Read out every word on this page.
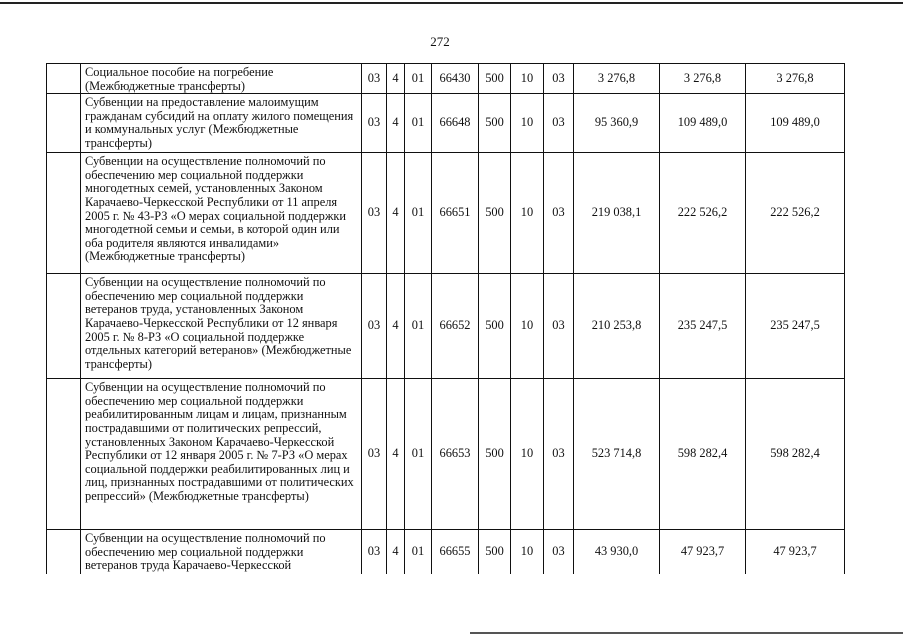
272
	Социальное пособие на погребение (Межбюджетные трансферты)	03	4	01	66430	500	10	03	3 276,8	3 276,8	3 276,8
	Субвенции на предоставление малоимущим гражданам субсидий на оплату жилого помещения и коммунальных услуг (Межбюджетные трансферты)	03	4	01	66648	500	10	03	95 360,9	109 489,0	109 489,0
	Субвенции на осуществление полномочий по обеспечению мер социальной поддержки многодетных семей, установленных Законом Карачаево-Черкесской Республики от 11 апреля 2005 г. № 43-РЗ «О мерах социальной поддержки многодетной семьи и семьи, в которой один или оба родителя являются инвалидами» (Межбюджетные трансферты)	03	4	01	66651	500	10	03	219 038,1	222 526,2	222 526,2
	Субвенции на осуществление полномочий по обеспечению мер социальной поддержки ветеранов труда, установленных Законом Карачаево-Черкесской Республики от 12 января 2005 г. № 8-РЗ «О социальной поддержке отдельных категорий ветеранов» (Межбюджетные трансферты)	03	4	01	66652	500	10	03	210 253,8	235 247,5	235 247,5
	Субвенции на осуществление полномочий по обеспечению мер социальной поддержки реабилитированным лицам и лицам, признанным пострадавшими от политических репрессий, установленных Законом Карачаево-Черкесской Республики от 12 января 2005 г. № 7-РЗ «О мерах социальной поддержки реабилитированных лиц и лиц, признанных пострадавшими от политических репрессий» (Межбюджетные трансферты)	03	4	01	66653	500	10	03	523 714,8	598 282,4	598 282,4
	Субвенции на осуществление полномочий по обеспечению мер социальной поддержки ветеранов труда Карачаево-Черкесской	03	4	01	66655	500	10	03	43 930,0	47 923,7	47 923,7
